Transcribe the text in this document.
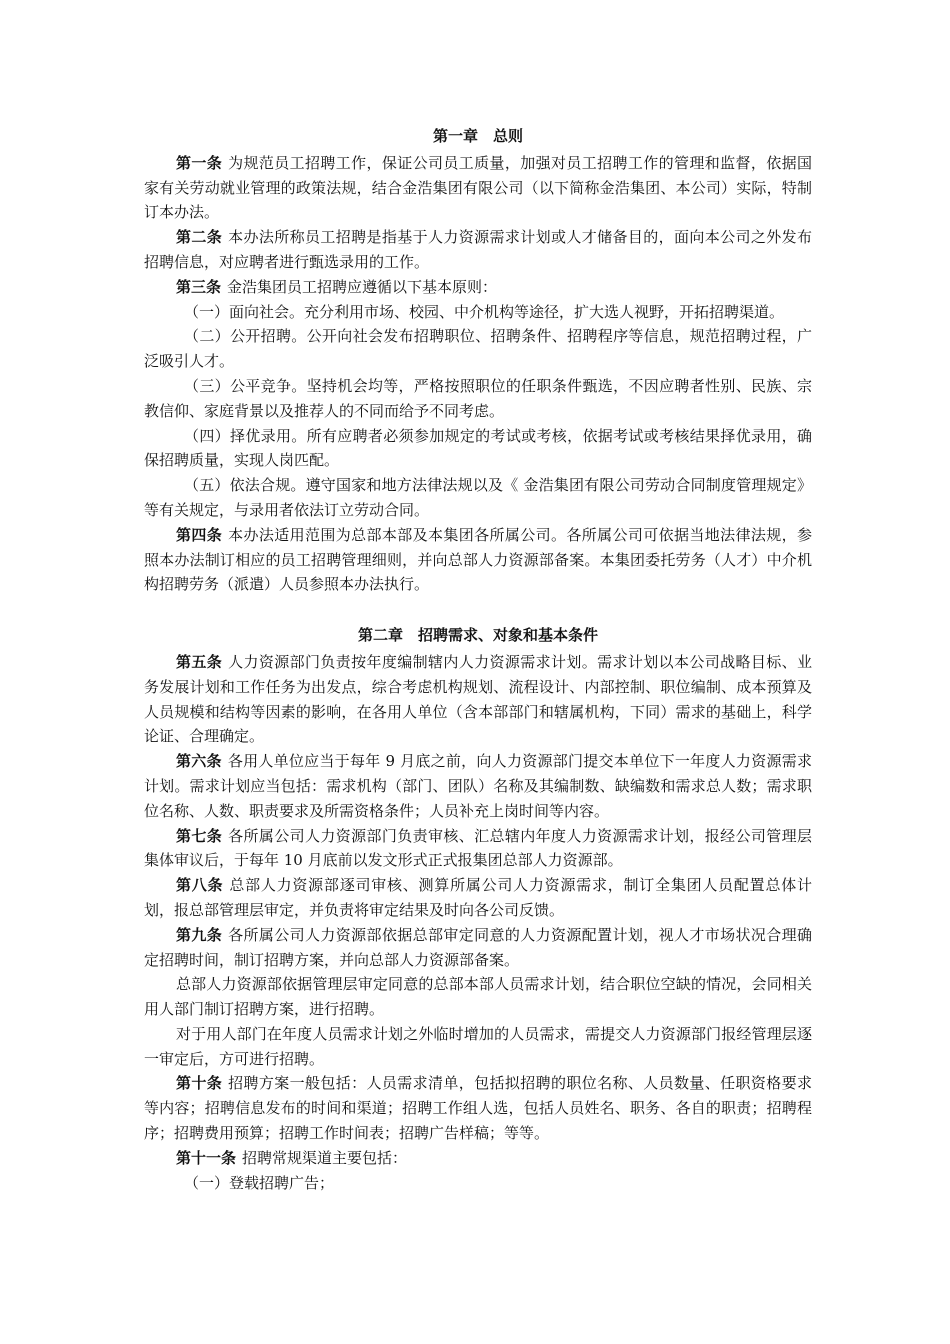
第一章　总则

第一条 为规范员工招聘工作，保证公司员工质量，加强对员工招聘工作的管理和监督，依据国家有关劳动就业管理的政策法规，结合金浩集团有限公司（以下简称金浩集团、本公司）实际，特制订本办法。

第二条 本办法所称员工招聘是指基于人力资源需求计划或人才储备目的，面向本公司之外发布招聘信息，对应聘者进行甄选录用的工作。

第三条 金浩集团员工招聘应遵循以下基本原则：

（一）面向社会。充分利用市场、校园、中介机构等途径，扩大选人视野，开拓招聘渠道。

（二）公开招聘。公开向社会发布招聘职位、招聘条件、招聘程序等信息，规范招聘过程，广泛吸引人才。

（三）公平竞争。坚持机会均等，严格按照职位的任职条件甄选，不因应聘者性别、民族、宗教信仰、家庭背景以及推荐人的不同而给予不同考虑。

（四）择优录用。所有应聘者必须参加规定的考试或考核，依据考试或考核结果择优录用，确保招聘质量，实现人岗匹配。

（五）依法合规。遵守国家和地方法律法规以及《 金浩集团有限公司劳动合同制度管理规定》 等有关规定，与录用者依法订立劳动合同。

第四条 本办法适用范围为总部本部及本集团各所属公司。各所属公司可依据当地法律法规，参照本办法制订相应的员工招聘管理细则，并向总部人力资源部备案。本集团委托劳务（人才）中介机构招聘劳务（派遣）人员参照本办法执行。

第二章　招聘需求、对象和基本条件

第五条 人力资源部门负责按年度编制辖内人力资源需求计划。需求计划以本公司战略目标、业务发展计划和工作任务为出发点，综合考虑机构规划、流程设计、内部控制、职位编制、成本预算及人员规模和结构等因素的影响，在各用人单位（含本部部门和辖属机构，下同）需求的基础上，科学论证、合理确定。

第六条 各用人单位应当于每年 9 月底之前，向人力资源部门提交本单位下一年度人力资源需求计划。需求计划应当包括：需求机构（部门、团队）名称及其编制数、缺编数和需求总人数；需求职位名称、人数、职责要求及所需资格条件；人员补充上岗时间等内容。

第七条 各所属公司人力资源部门负责审核、汇总辖内年度人力资源需求计划，报经公司管理层集体审议后，于每年 10 月底前以发文形式正式报集团总部人力资源部。

第八条 总部人力资源部逐司审核、测算所属公司人力资源需求，制订全集团人员配置总体计划，报总部管理层审定，并负责将审定结果及时向各公司反馈。

第九条 各所属公司人力资源部依据总部审定同意的人力资源配置计划，视人才市场状况合理确定招聘时间，制订招聘方案，并向总部人力资源部备案。

总部人力资源部依据管理层审定同意的总部本部人员需求计划，结合职位空缺的情况，会同相关用人部门制订招聘方案，进行招聘。

对于用人部门在年度人员需求计划之外临时增加的人员需求，需提交人力资源部门报经管理层逐一审定后，方可进行招聘。

第十条 招聘方案一般包括：人员需求清单，包括拟招聘的职位名称、人员数量、任职资格要求等内容；招聘信息发布的时间和渠道；招聘工作组人选，包括人员姓名、职务、各自的职责；招聘程序；招聘费用预算；招聘工作时间表；招聘广告样稿；等等。

第十一条 招聘常规渠道主要包括：

（一）登载招聘广告；
